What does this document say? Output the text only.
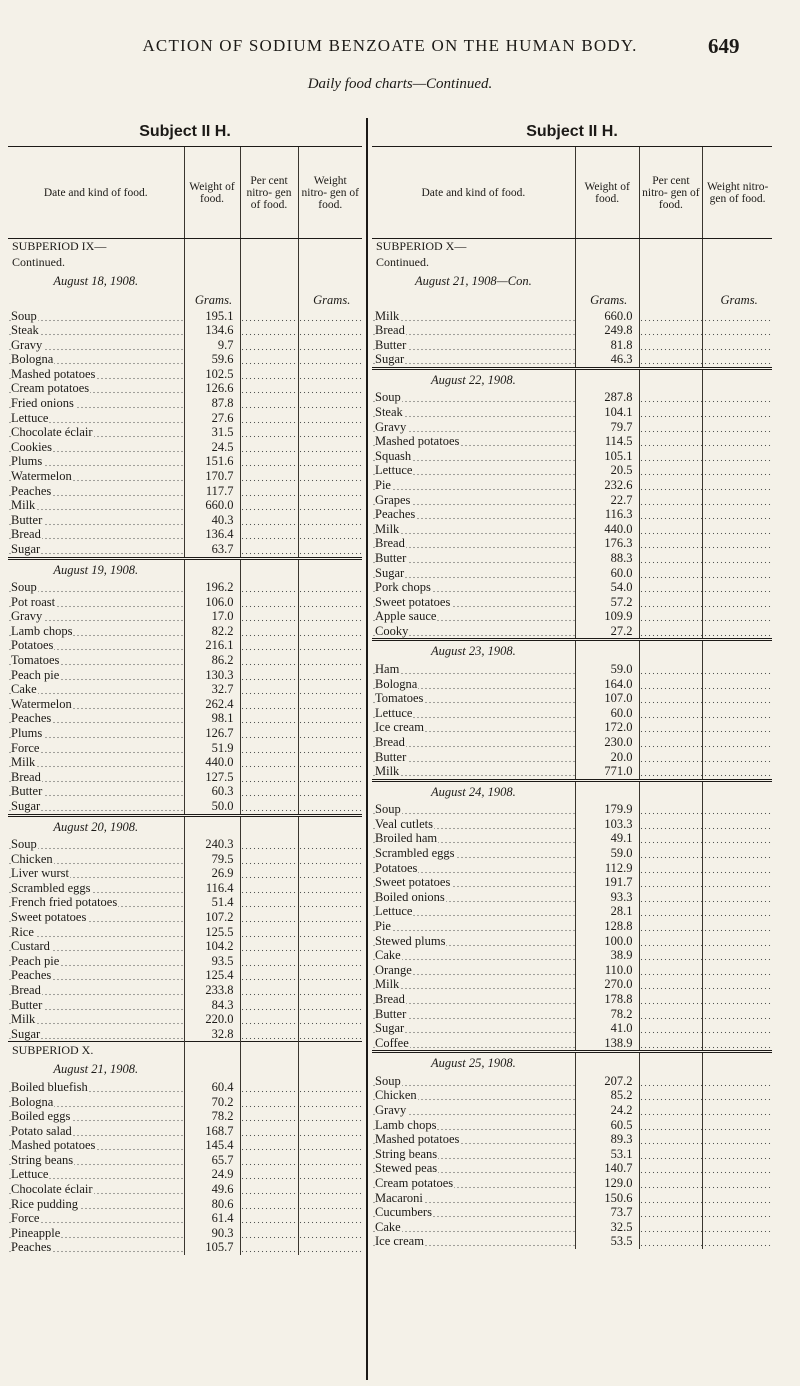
ACTION OF SODIUM BENZOATE ON THE HUMAN BODY.	649
Daily food charts—Continued.
Subject II H.
Date and kind of food.	Weight of food.	Per cent nitro- gen of food.	Weight nitro- gen of food.
SUBPERIOD IX—			
Continued.			
August 18, 1908.			
	Grams.		Grams.
Soup	195.1		
Steak	134.6		
Gravy	9.7		
Bologna	59.6		
Mashed potatoes	102.5		
Cream potatoes	126.6		
Fried onions	87.8		
Lettuce	27.6		
Chocolate éclair	31.5		
Cookies	24.5		
Plums	151.6		
Watermelon	170.7		
Peaches	117.7		
Milk	660.0		
Butter	40.3		
Bread	136.4		
Sugar	63.7		
August 19, 1908.			
Soup	196.2		
Pot roast	106.0		
Gravy	17.0		
Lamb chops	82.2		
Potatoes	216.1		
Tomatoes	86.2		
Peach pie	130.3		
Cake	32.7		
Watermelon	262.4		
Peaches	98.1		
Plums	126.7		
Force	51.9		
Milk	440.0		
Bread	127.5		
Butter	60.3		
Sugar	50.0		
August 20, 1908.			
Soup	240.3		
Chicken	79.5		
Liver wurst	26.9		
Scrambled eggs	116.4		
French fried potatoes	51.4		
Sweet potatoes	107.2		
Rice	125.5		
Custard	104.2		
Peach pie	93.5		
Peaches	125.4		
Bread	233.8		
Butter	84.3		
Milk	220.0		
Sugar	32.8		
SUBPERIOD X.			
August 21, 1908.			
Boiled bluefish	60.4		
Bologna	70.2		
Boiled eggs	78.2		
Potato salad	168.7		
Mashed potatoes	145.4		
String beans	65.7		
Lettuce	24.9		
Chocolate éclair	49.6		
Rice pudding	80.6		
Force	61.4		
Pineapple	90.3		
Peaches	105.7		
Subject II H.
Date and kind of food.	Weight of food.	Per cent nitro- gen of food.	Weight nitro- gen of food.
SUBPERIOD X—			
Continued.			
August 21, 1908—Con.			
	Grams.		Grams.
Milk	660.0		
Bread	249.8		
Butter	81.8		
Sugar	46.3		
August 22, 1908.			
Soup	287.8		
Steak	104.1		
Gravy	79.7		
Mashed potatoes	114.5		
Squash	105.1		
Lettuce	20.5		
Pie	232.6		
Grapes	22.7		
Peaches	116.3		
Milk	440.0		
Bread	176.3		
Butter	88.3		
Sugar	60.0		
Pork chops	54.0		
Sweet potatoes	57.2		
Apple sauce	109.9		
Cooky	27.2		
August 23, 1908.			
Ham	59.0		
Bologna	164.0		
Tomatoes	107.0		
Lettuce	60.0		
Ice cream	172.0		
Bread	230.0		
Butter	20.0		
Milk	771.0		
August 24, 1908.			
Soup	179.9		
Veal cutlets	103.3		
Broiled ham	49.1		
Scrambled eggs	59.0		
Potatoes	112.9		
Sweet potatoes	191.7		
Boiled onions	93.3		
Lettuce	28.1		
Pie	128.8		
Stewed plums	100.0		
Cake	38.9		
Orange	110.0		
Milk	270.0		
Bread	178.8		
Butter	78.2		
Sugar	41.0		
Coffee	138.9		
August 25, 1908.			
Soup	207.2		
Chicken	85.2		
Gravy	24.2		
Lamb chops	60.5		
Mashed potatoes	89.3		
String beans	53.1		
Stewed peas	140.7		
Cream potatoes	129.0		
Macaroni	150.6		
Cucumbers	73.7		
Cake	32.5		
Ice cream	53.5		
